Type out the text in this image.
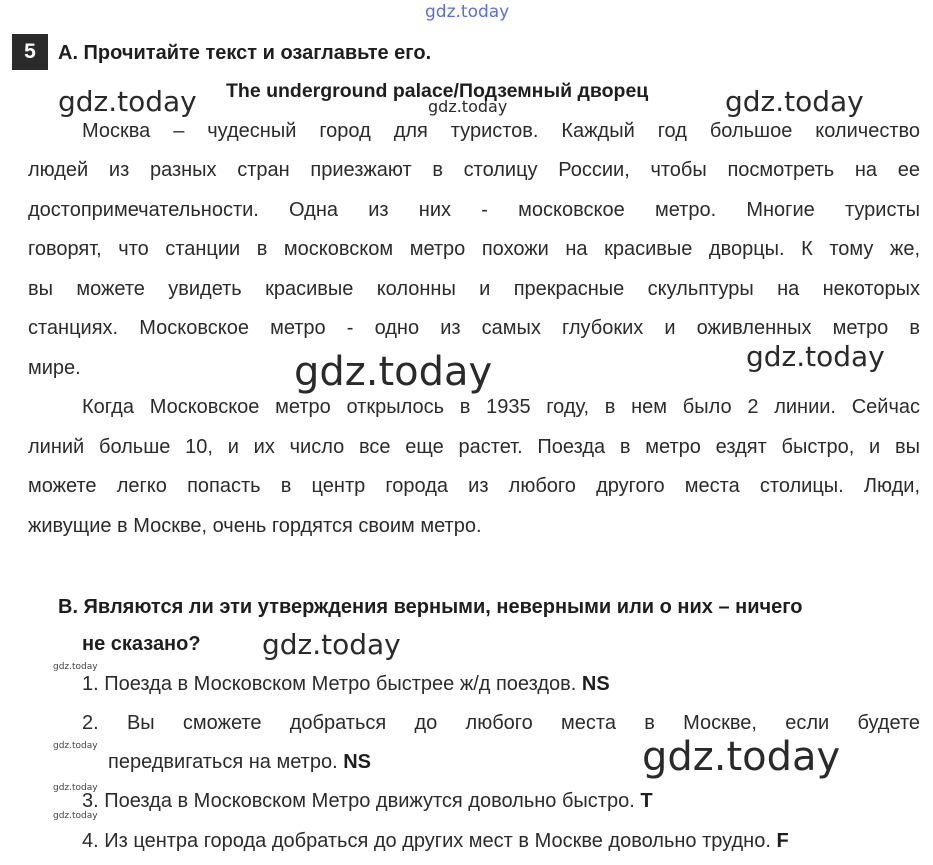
gdz.today
gdz.today	gdz.today	gdz.today
gdz.today	gdz.today
gdz.today
gdz.today
gdz.today	gdz.today
gdz.today
gdz.today
5	A. Прочитайте текст и озаглавьте его.
The underground palace/Подземный дворец
Москва – чудесный город для туристов. Каждый год большое количество
людей из разных стран приезжают в столицу России, чтобы посмотреть на ее
достопримечательности. Одна из них - московское метро. Многие туристы
говорят, что станции в московском метро похожи на красивые дворцы. К тому же,
вы можете увидеть красивые колонны и прекрасные скульптуры на некоторых
станциях. Московское метро - одно из самых глубоких и оживленных метро в
мире.
Когда Московское метро открылось в 1935 году, в нем было 2 линии. Сейчас
линий больше 10, и их число все еще растет. Поезда в метро ездят быстро, и вы
можете легко попасть в центр города из любого другого места столицы. Люди,
живущие в Москве, очень гордятся своим метро.
B. Являются ли эти утверждения верными, неверными или о них – ничего
не сказано?
1. Поезда в Московском Метро быстрее ж/д поездов. NS
2. Вы сможете добраться до любого места в Москве, если будете
передвигаться на метро. NS
3. Поезда в Московском Метро движутся довольно быстро. T
4. Из центра города добраться до других мест в Москве довольно трудно. F
